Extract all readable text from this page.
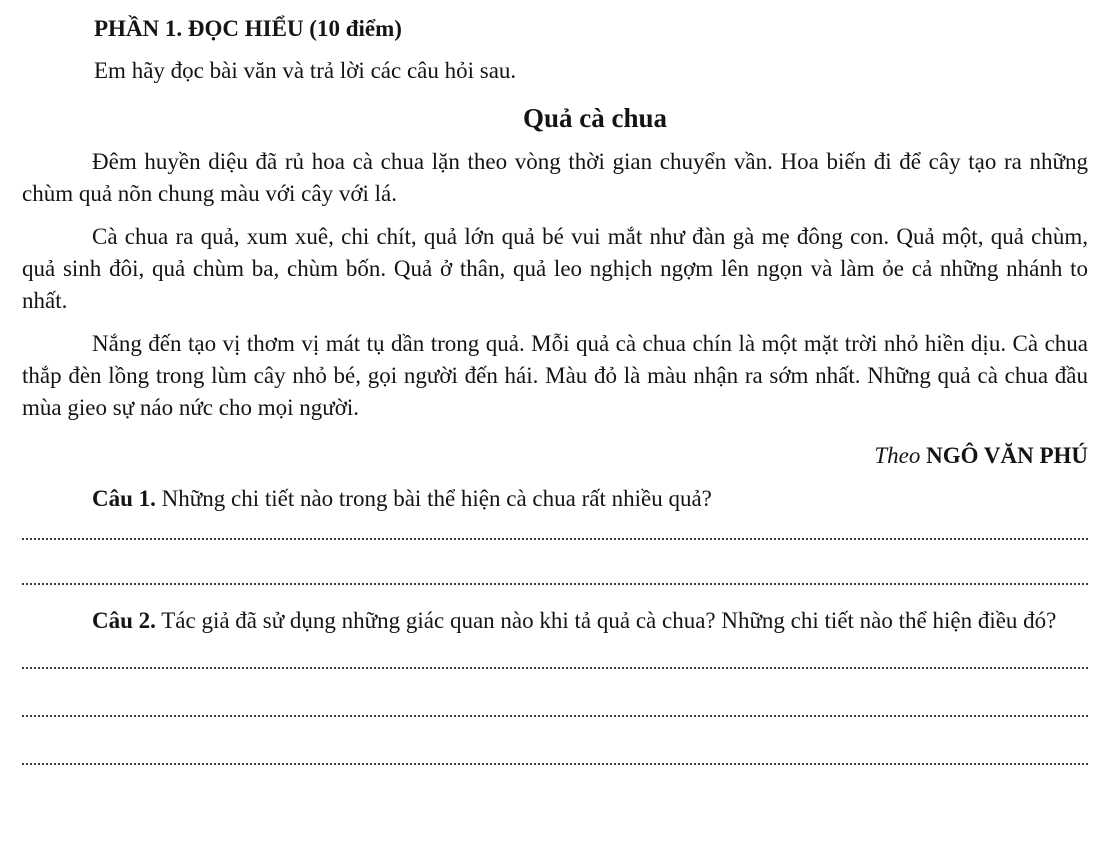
PHẦN 1. ĐỌC HIỂU (10 điểm)

Em hãy đọc bài văn và trả lời các câu hỏi sau.

Quả cà chua

Đêm huyền diệu đã rủ hoa cà chua lặn theo vòng thời gian chuyển vần. Hoa biến đi để cây tạo ra những chùm quả nõn chung màu với cây với lá.

Cà chua ra quả, xum xuê, chi chít, quả lớn quả bé vui mắt như đàn gà mẹ đông con. Quả một, quả chùm, quả sinh đôi, quả chùm ba, chùm bốn. Quả ở thân, quả leo nghịch ngợm lên ngọn và làm ỏe cả những nhánh to nhất.

Nắng đến tạo vị thơm vị mát tụ dần trong quả. Mỗi quả cà chua chín là một mặt trời nhỏ hiền dịu. Cà chua thắp đèn lồng trong lùm cây nhỏ bé, gọi người đến hái. Màu đỏ là màu nhận ra sớm nhất. Những quả cà chua đầu mùa gieo sự náo nức cho mọi người.

Theo NGÔ VĂN PHÚ

Câu 1. Những chi tiết nào trong bài thể hiện cà chua rất nhiều quả?

Câu 2. Tác giả đã sử dụng những giác quan nào khi tả quả cà chua? Những chi tiết nào thể hiện điều đó?
